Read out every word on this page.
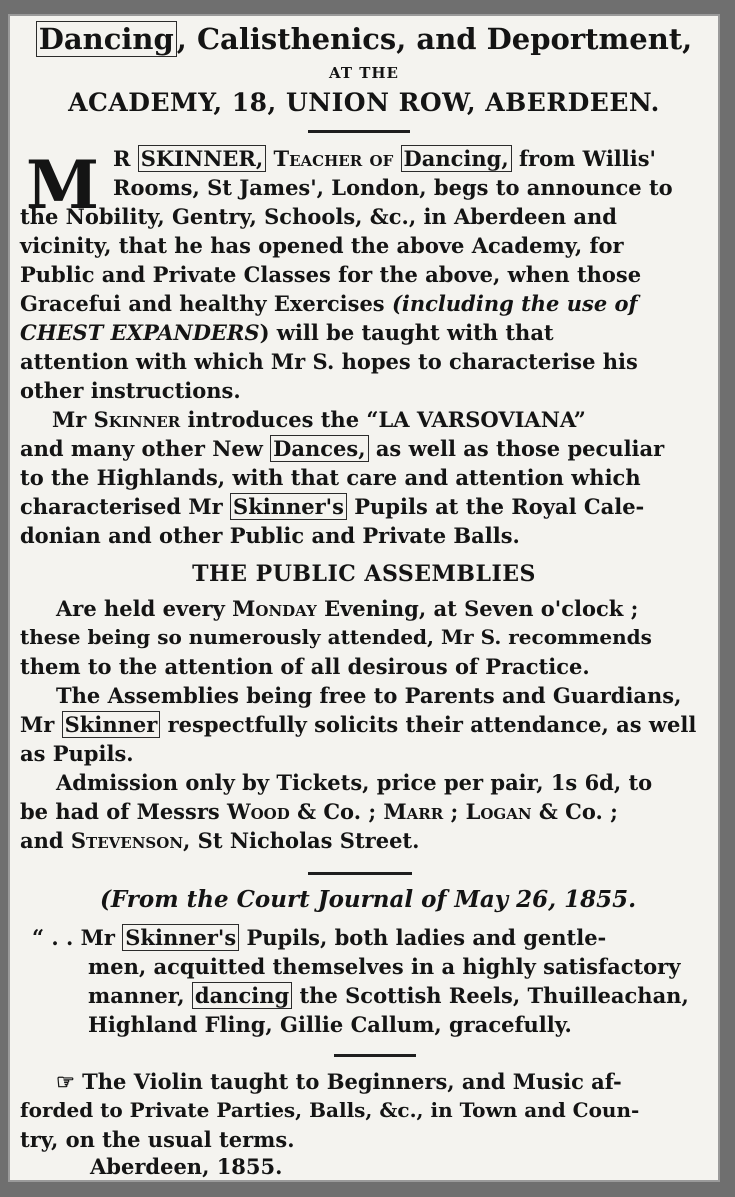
Dancing , Calisthenics, and Deportment,
AT THE
ACADEMY, 18, UNION ROW, ABERDEEN.
M R SKINNER, Teacher of Dancing, from Willis'
Rooms, St James', London, begs to announce to
the Nobility, Gentry, Schools, &c., in Aberdeen and
vicinity, that he has opened the above Academy, for
Public and Private Classes for the above, when those
Gracefui and healthy Exercises (including the use of
CHEST EXPANDERS) will be taught with that
attention with which Mr S. hopes to characterise his
other instructions.
Mr Skinner introduces the “LA VARSOVIANA”
and many other New Dances, as well as those peculiar
to the Highlands, with that care and attention which
characterised Mr Skinner's Pupils at the Royal Cale-
donian and other Public and Private Balls.
THE PUBLIC ASSEMBLIES
Are held every Monday Evening, at Seven o'clock ;
these being so numerously attended, Mr S. recommends
them to the attention of all desirous of Practice.
The Assemblies being free to Parents and Guardians,
Mr Skinner respectfully solicits their attendance, as well
as Pupils.
Admission only by Tickets, price per pair, 1s 6d, to
be had of Messrs Wood & Co. ; Marr ; Logan & Co. ;
and Stevenson, St Nicholas Street.
(From the Court Journal of May 26, 1855.
“ . . Mr Skinner's Pupils, both ladies and gentle-
men, acquitted themselves in a highly satisfactory
manner, dancing the Scottish Reels, Thuilleachan,
Highland Fling, Gillie Callum, gracefully.
☞ The Violin taught to Beginners, and Music af-
forded to Private Parties, Balls, &c., in Town and Coun-
try, on the usual terms.
Aberdeen, 1855.
